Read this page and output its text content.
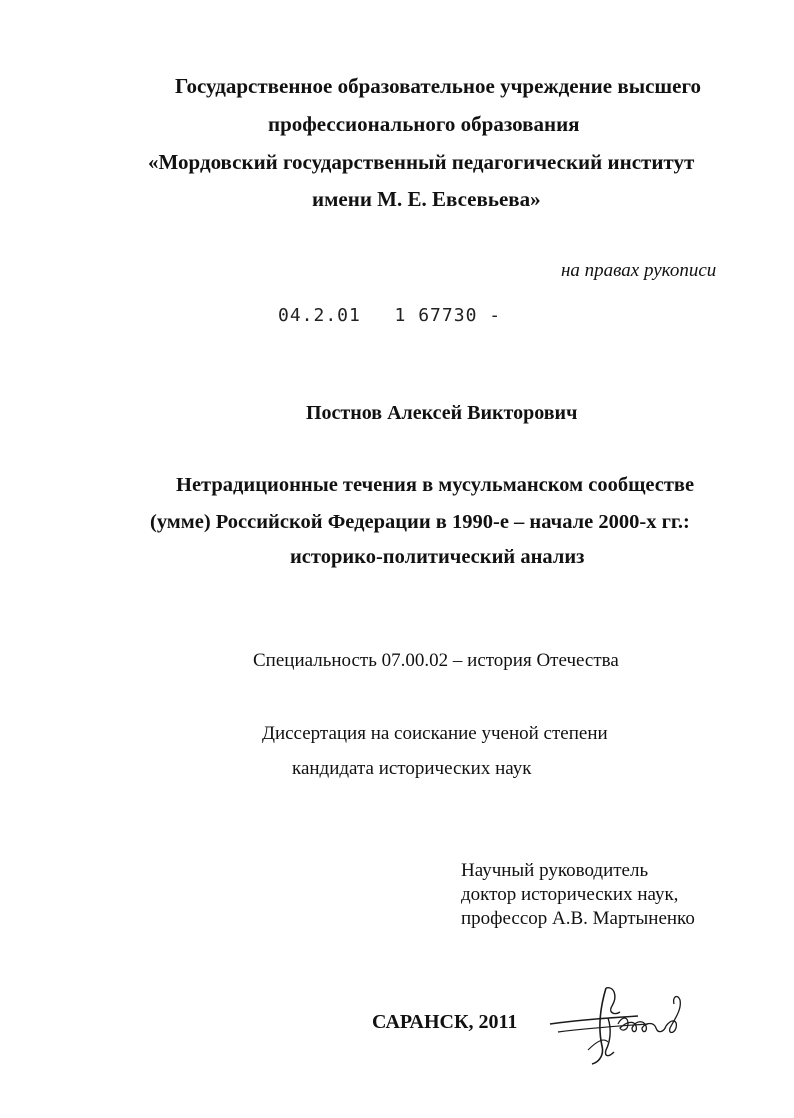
Государственное образовательное учреждение высшего
профессионального образования
«Мордовский государственный педагогический институт
имени М. Е. Евсевьева»
на правах рукописи
04.2.01 1 67730 -
Постнов Алексей Викторович
Нетрадиционные течения в мусульманском сообществе
(умме) Российской Федерации в 1990-е – начале 2000-х гг.:
историко-политический анализ
Специальность 07.00.02 – история Отечества
Диссертация на соискание ученой степени
кандидата исторических наук
Научный руководитель
доктор исторических наук,
профессор А.В. Мартыненко
САРАНСК, 2011
